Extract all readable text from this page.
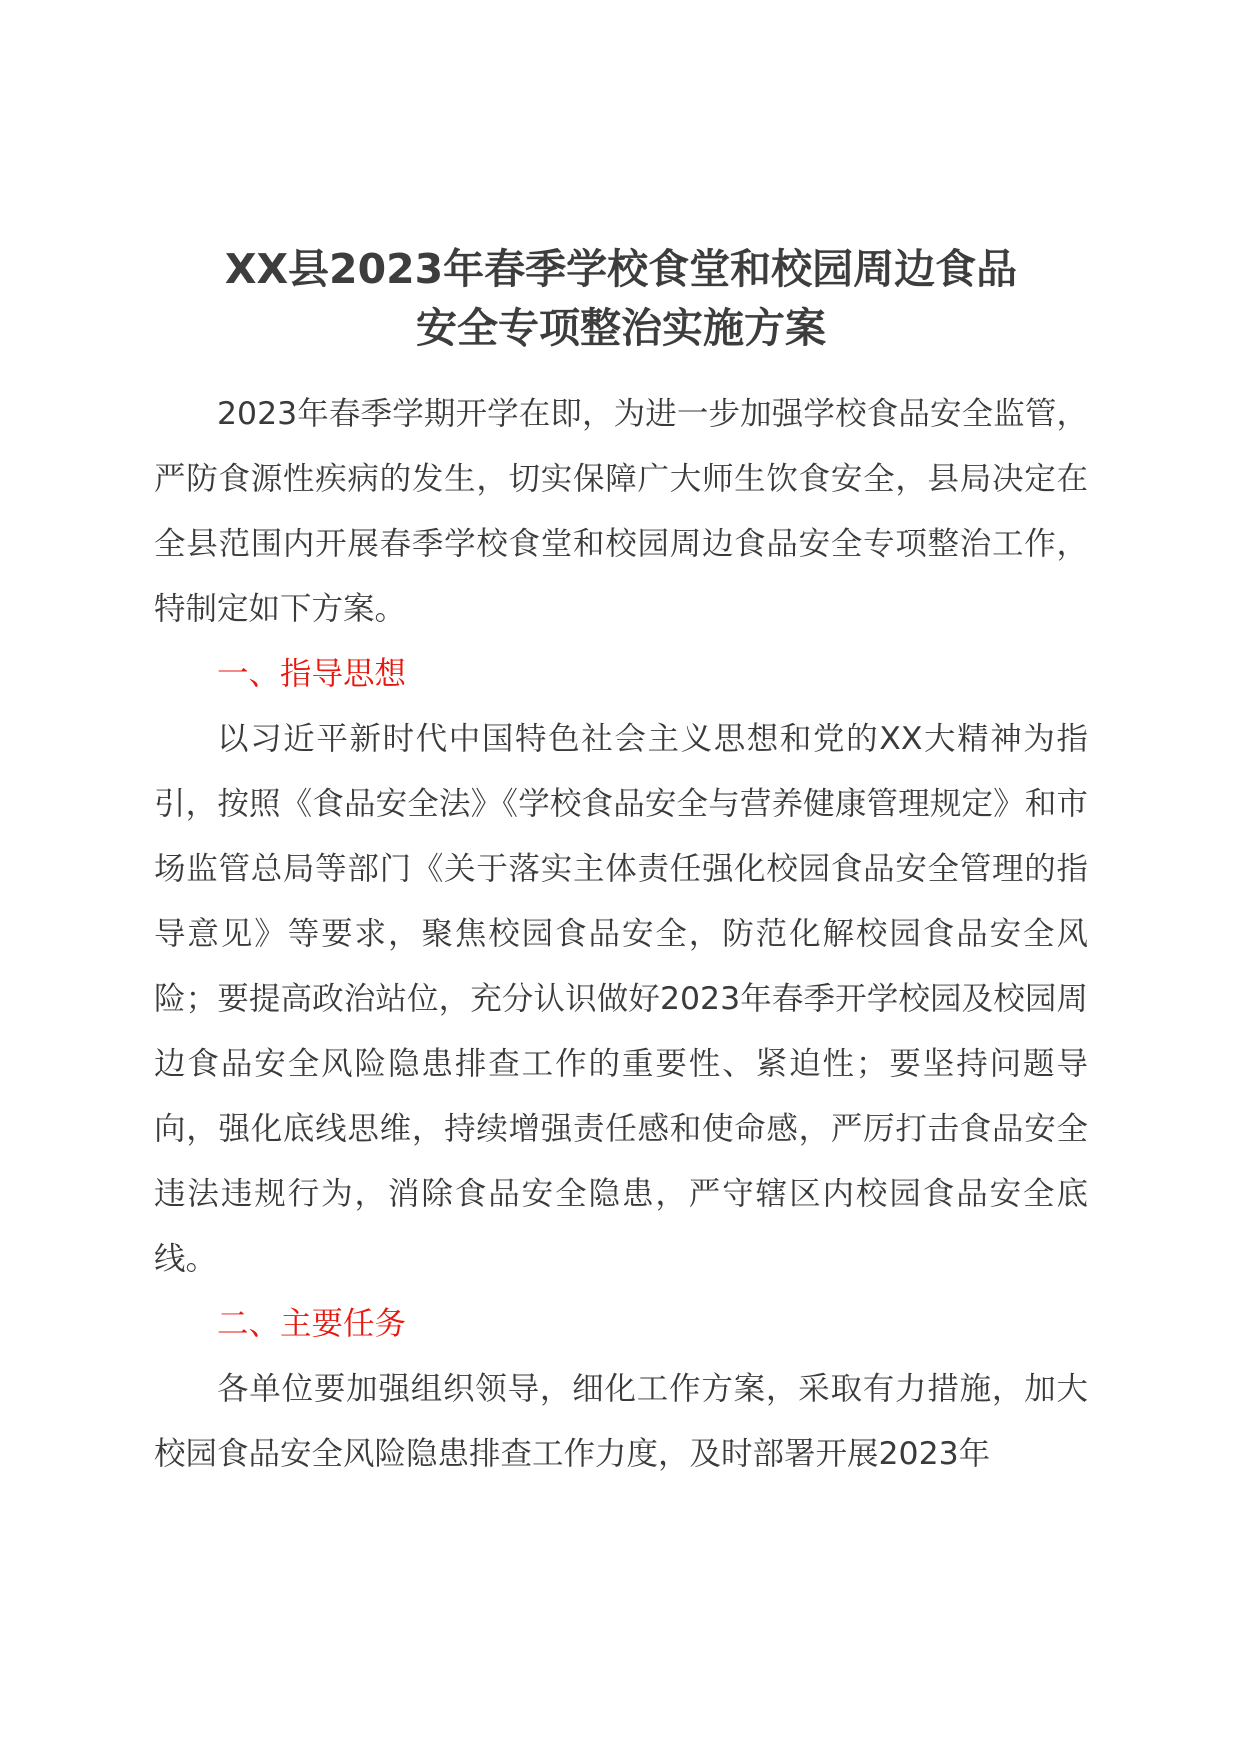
XX县2023年春季学校食堂和校园周边食品
安全专项整治实施方案

2023年春季学期开学在即，为进一步加强学校食品安全监管，严防食源性疾病的发生，切实保障广大师生饮食安全，县局决定在全县范围内开展春季学校食堂和校园周边食品安全专项整治工作，特制定如下方案。

一、指导思想

以习近平新时代中国特色社会主义思想和党的XX大精神为指引，按照《食品安全法》《学校食品安全与营养健康管理规定》和市场监管总局等部门《关于落实主体责任强化校园食品安全管理的指导意见》等要求，聚焦校园食品安全，防范化解校园食品安全风险；要提高政治站位，充分认识做好2023年春季开学校园及校园周边食品安全风险隐患排查工作的重要性、紧迫性；要坚持问题导向，强化底线思维，持续增强责任感和使命感，严厉打击食品安全违法违规行为，消除食品安全隐患，严守辖区内校园食品安全底线。

二、主要任务

各单位要加强组织领导，细化工作方案，采取有力措施，加大校园食品安全风险隐患排查工作力度，及时部署开展2023年
